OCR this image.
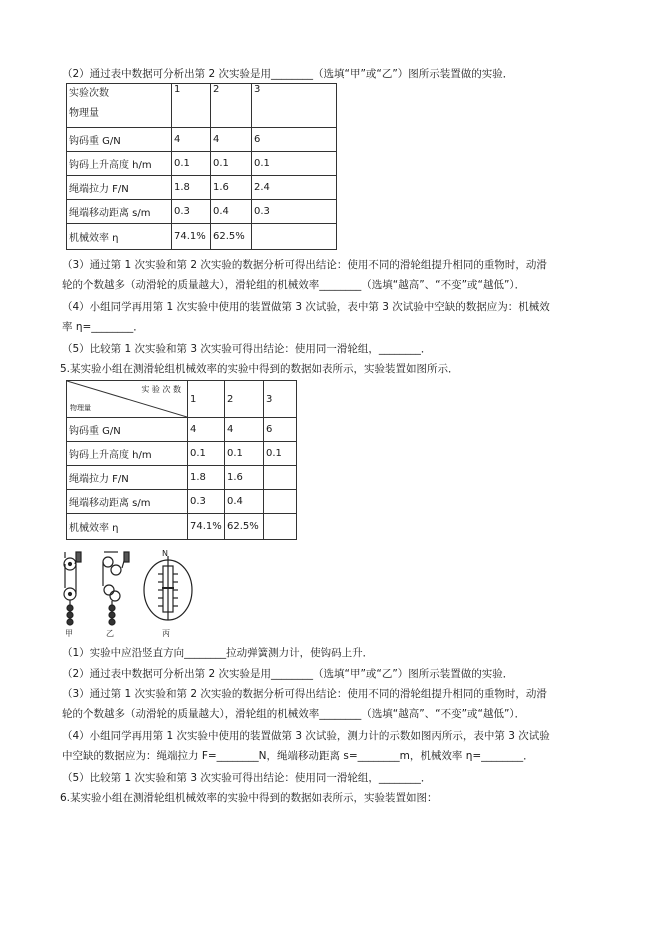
（2）通过表中数据可分析出第 2 次实验是用________（选填“甲”或“乙”）图所示装置做的实验．
实验次数
物理量	1	2	3
钩码重 G/N	4	4	6
钩码上升高度 h/m	0.1	0.1	0.1
绳端拉力 F/N	1.8	1.6	2.4
绳端移动距离 s/m	0.3	0.4	0.3
机械效率 η	74.1%	62.5%	
（3）通过第 1 次实验和第 2 次实验的数据分析可得出结论：使用不同的滑轮组提升相同的重物时，动滑
轮的个数越多（动滑轮的质量越大），滑轮组的机械效率________（选填“越高”、“不变”或“越低”）．
（4）小组同学再用第 1 次实验中使用的装置做第 3 次试验，表中第 3 次试验中空缺的数据应为：机械效
率 η=________．
（5）比较第 1 次实验和第 3 次实验可得出结论：使用同一滑轮组，________．
5.某实验小组在测滑轮组机械效率的实验中得到的数据如表所示，实验装置如图所示．
实 验 次 数
物理量	1	2	3
钩码重 G/N	4	4	6
钩码上升高度 h/m	0.1	0.1	0.1
绳端拉力 F/N	1.8	1.6	
绳端移动距离 s/m	0.3	0.4	
机械效率 η	74.1%	62.5%	
N
甲	乙	丙
（1）实验中应沿竖直方向________拉动弹簧测力计，使钩码上升．
（2）通过表中数据可分析出第 2 次实验是用________（选填“甲”或“乙”）图所示装置做的实验．
（3）通过第 1 次实验和第 2 次实验的数据分析可得出结论：使用不同的滑轮组提升相同的重物时，动滑
轮的个数越多（动滑轮的质量越大），滑轮组的机械效率________（选填“越高”、“不变”或“越低”）．
（4）小组同学再用第 1 次实验中使用的装置做第 3 次试验，测力计的示数如图丙所示，表中第 3 次试验
中空缺的数据应为：绳端拉力 F=________N，绳端移动距离 s=________m，机械效率 η=________．
（5）比较第 1 次实验和第 3 次实验可得出结论：使用同一滑轮组，________．
6.某实验小组在测滑轮组机械效率的实验中得到的数据如表所示，实验装置如图：
